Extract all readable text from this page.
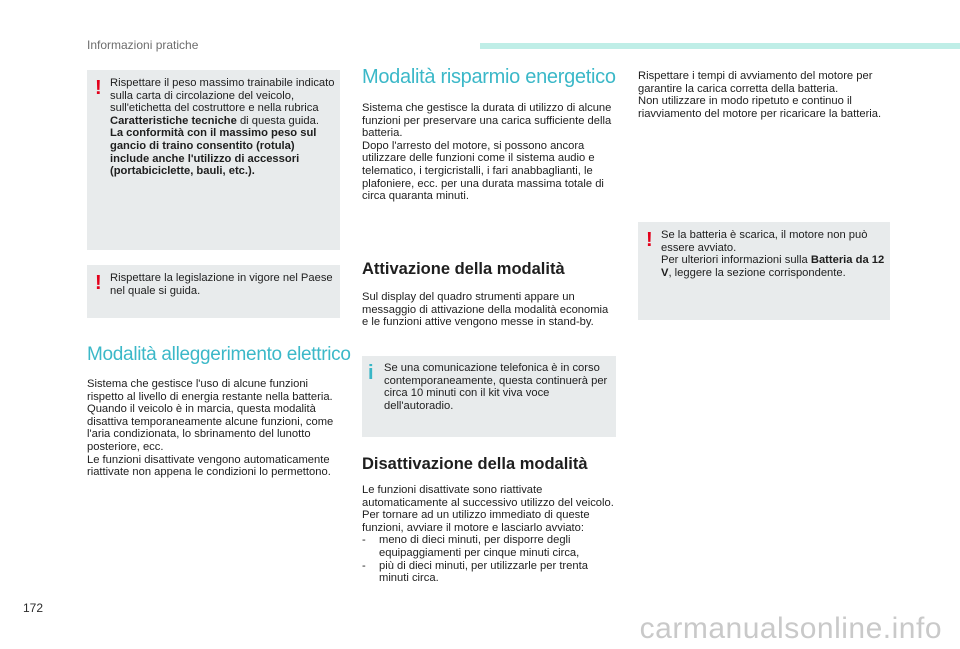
Informazioni pratiche
! Rispettare il peso massimo trainabile indicato sulla carta di circolazione del veicolo, sull'etichetta del costruttore e nella rubrica Caratteristiche tecniche di questa guida.

La conformità con il massimo peso sul gancio di traino consentito (rotula) include anche l'utilizzo di accessori (portabiciclette, bauli, etc.).

! Rispettare la legislazione in vigore nel Paese nel quale si guida.
Modalità alleggerimento elettrico

Sistema che gestisce l'uso di alcune funzioni rispetto al livello di energia restante nella batteria.

Quando il veicolo è in marcia, questa modalità disattiva temporaneamente alcune funzioni, come l'aria condizionata, lo sbrinamento del lunotto posteriore, ecc.

Le funzioni disattivate vengono automaticamente riattivate non appena le condizioni lo permettono.

Modalità risparmio energetico

Sistema che gestisce la durata di utilizzo di alcune funzioni per preservare una carica sufficiente della batteria.

Dopo l'arresto del motore, si possono ancora utilizzare delle funzioni come il sistema audio e telematico, i tergicristalli, i fari anabbaglianti, le plafoniere, ecc. per una durata massima totale di circa quaranta minuti.

Attivazione della modalità
Sul display del quadro strumenti appare un messaggio di attivazione della modalità economia e le funzioni attive vengono messe in stand-by.
i Se una comunicazione telefonica è in corso contemporaneamente, questa continuerà per circa 10 minuti con il kit viva voce dell'autoradio.
Disattivazione della modalità

Le funzioni disattivate sono riattivate automaticamente al successivo utilizzo del veicolo.

Per tornare ad un utilizzo immediato di queste funzioni, avviare il motore e lasciarlo avviato:

- meno di dieci minuti, per disporre degli equipaggiamenti per cinque minuti circa,
- più di dieci minuti, per utilizzarle per trenta minuti circa.

Rispettare i tempi di avviamento del motore per garantire la carica corretta della batteria.

Non utilizzare in modo ripetuto e continuo il riavviamento del motore per ricaricare la batteria.

! Se la batteria è scarica, il motore non può essere avviato.

Per ulteriori informazioni sulla Batteria da 12 V, leggere la sezione corrispondente.

172
carmanualsonline.info
